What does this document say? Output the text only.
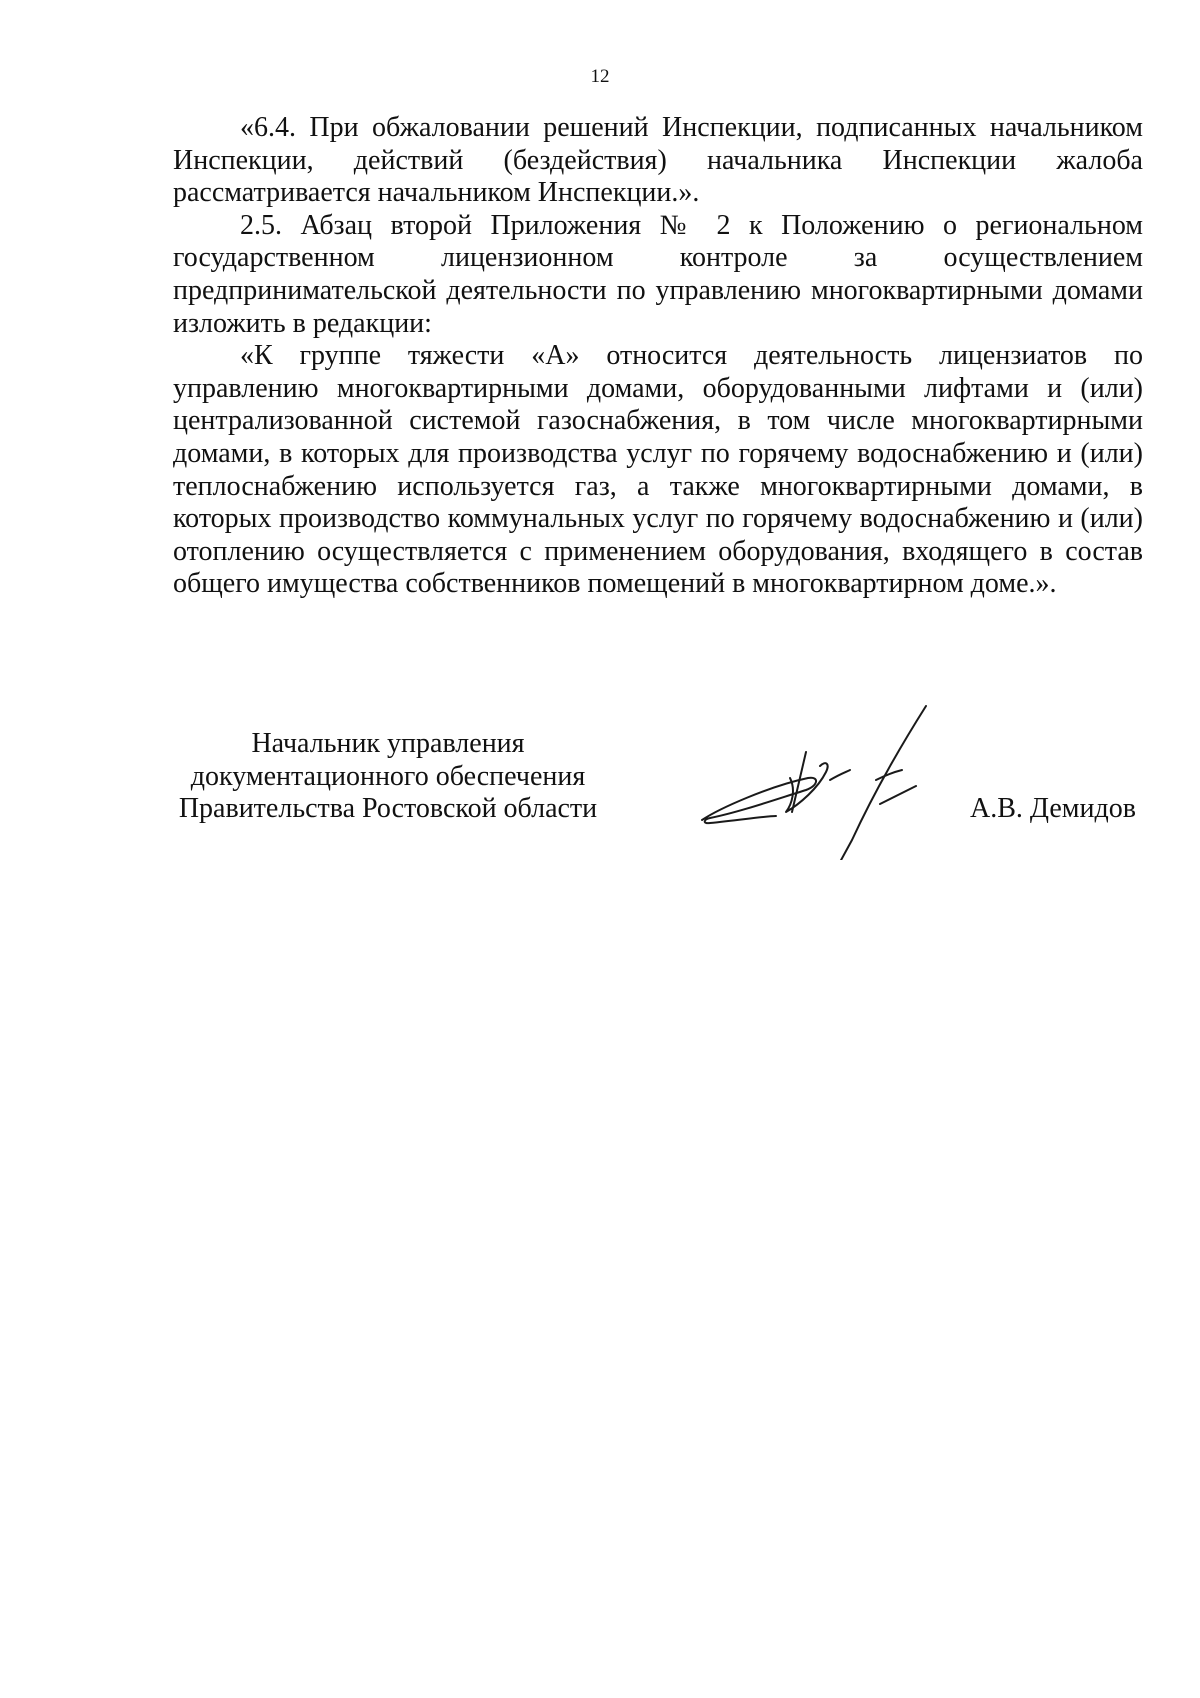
12

«6.4. При обжаловании решений Инспекции, подписанных начальником Инспекции, действий (бездействия) начальника Инспекции жалоба рассматривается начальником Инспекции.».

2.5. Абзац второй Приложения № 2 к Положению о региональном государственном лицензионном контроле за осуществлением предпринимательской деятельности по управлению многоквартирными домами изложить в редакции:

«К группе тяжести «А» относится деятельность лицензиатов по управлению многоквартирными домами, оборудованными лифтами и (или) централизованной системой газоснабжения, в том числе многоквартирными домами, в которых для производства услуг по горячему водоснабжению и (или) теплоснабжению используется газ, а также многоквартирными домами, в которых производство коммунальных услуг по горячему водоснабжению и (или) отоплению осуществляется с применением оборудования, входящего в состав общего имущества собственников помещений в многоквартирном доме.».

Начальник управления
документационного обеспечения
Правительства Ростовской области	А.В. Демидов
